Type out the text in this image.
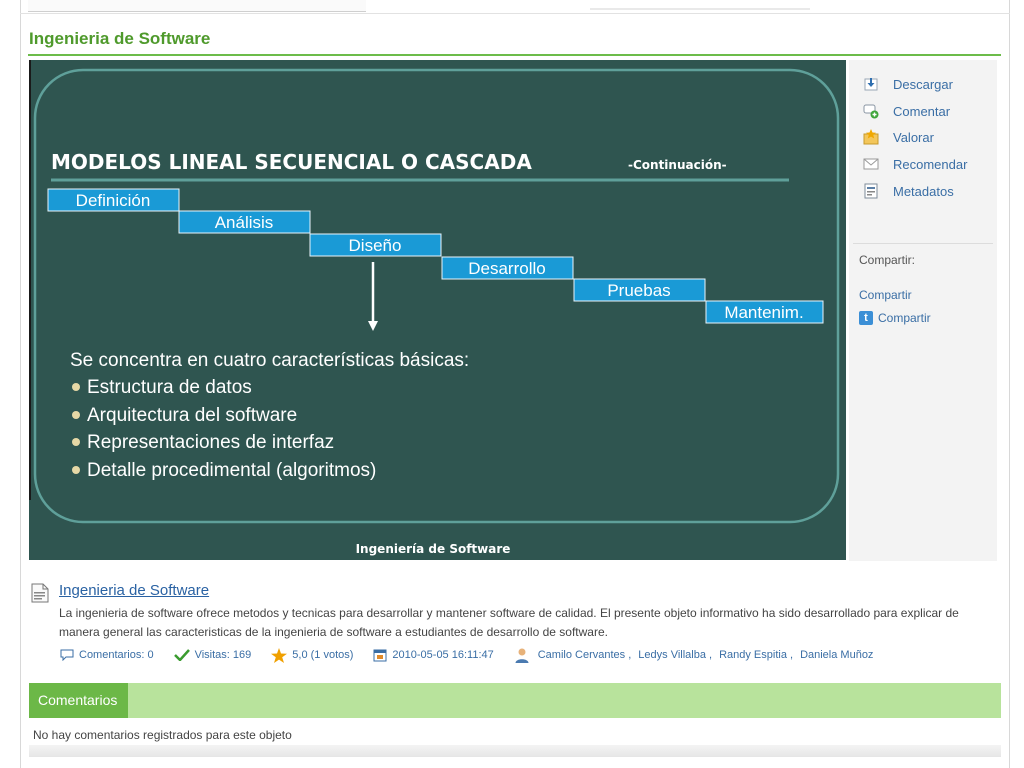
Ingenieria de Software
MODELOS LINEAL SECUENCIAL O CASCADA	-Continuación-
Definición
Análisis
Diseño
Desarrollo
Pruebas
Mantenim.
Se concentra en cuatro características básicas:
Estructura de datos
Arquitectura del software
Representaciones de interfaz
Detalle procedimental (algoritmos)
Ingeniería de Software
Descargar
Comentar
Valorar
Recomendar
Metadatos
Compartir:
Compartir
t Compartir
Ingenieria de Software
La ingenieria de software ofrece metodos y tecnicas para desarrollar y mantener software de calidad. El presente objeto informativo ha sido desarrollado para explicar de manera general las caracteristicas de la ingenieria de software a estudiantes de desarrollo de software.
Comentarios: 0	Visitas: 169	5,0 (1 votos)	2010-05-05 16:11:47	Camilo Cervantes , Ledys Villalba , Randy Espitia , Daniela Muñoz
Comentarios
No hay comentarios registrados para este objeto
